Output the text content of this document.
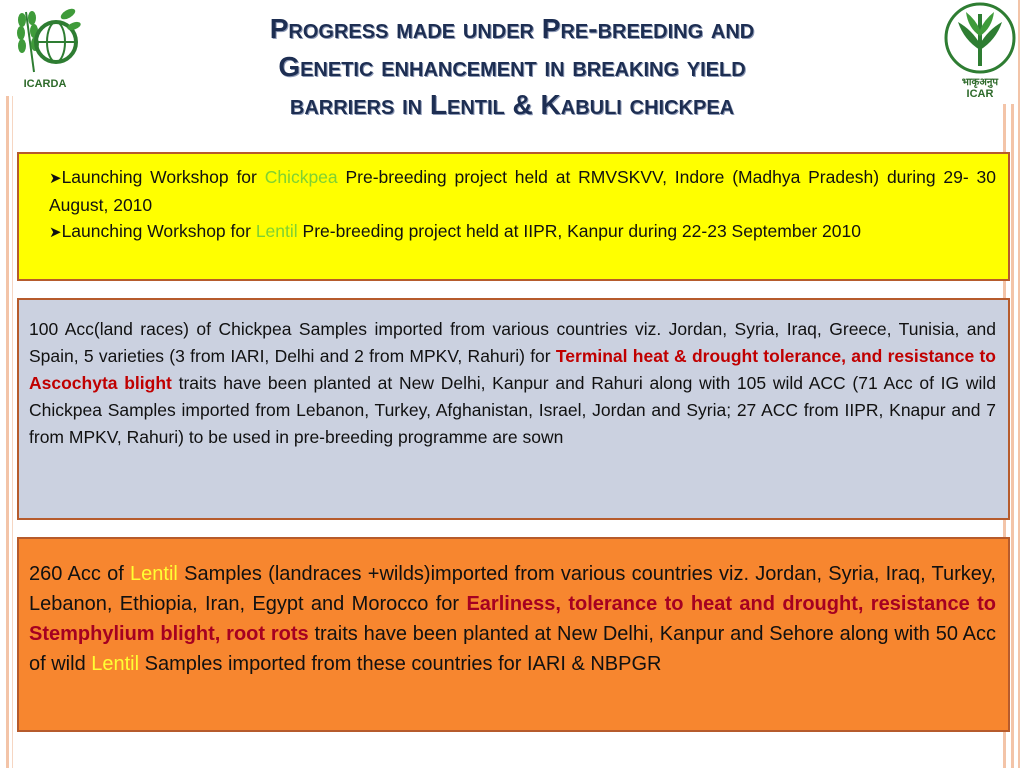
ICARDA	भाकृअनुप
ICAR
Progress made under Pre-breeding and
Genetic enhancement in breaking yield
barriers in Lentil & Kabuli chickpea

➤Launching Workshop for Chickpea Pre-breeding project held at RMVSKVV, Indore (Madhya Pradesh) during 29- 30 August, 2010

➤Launching Workshop for Lentil Pre-breeding project held at IIPR, Kanpur during 22-23 September 2010

100 Acc(land races) of Chickpea Samples imported from various countries viz. Jordan, Syria, Iraq, Greece, Tunisia, and Spain, 5 varieties (3 from IARI, Delhi and 2 from MPKV, Rahuri) for Terminal heat & drought tolerance, and resistance to Ascochyta blight traits have been planted at New Delhi, Kanpur and Rahuri along with 105 wild ACC (71 Acc of IG wild Chickpea Samples imported from Lebanon, Turkey, Afghanistan, Israel, Jordan and Syria; 27 ACC from IIPR, Knapur and 7 from MPKV, Rahuri) to be used in pre-breeding programme are sown
260 Acc of Lentil Samples (landraces +wilds)imported from various countries viz. Jordan, Syria, Iraq, Turkey, Lebanon, Ethiopia, Iran, Egypt and Morocco for Earliness, tolerance to heat and drought, resistance to Stemphylium blight, root rots traits have been planted at New Delhi, Kanpur and Sehore along with 50 Acc of wild Lentil Samples imported from these countries for IARI & NBPGR
